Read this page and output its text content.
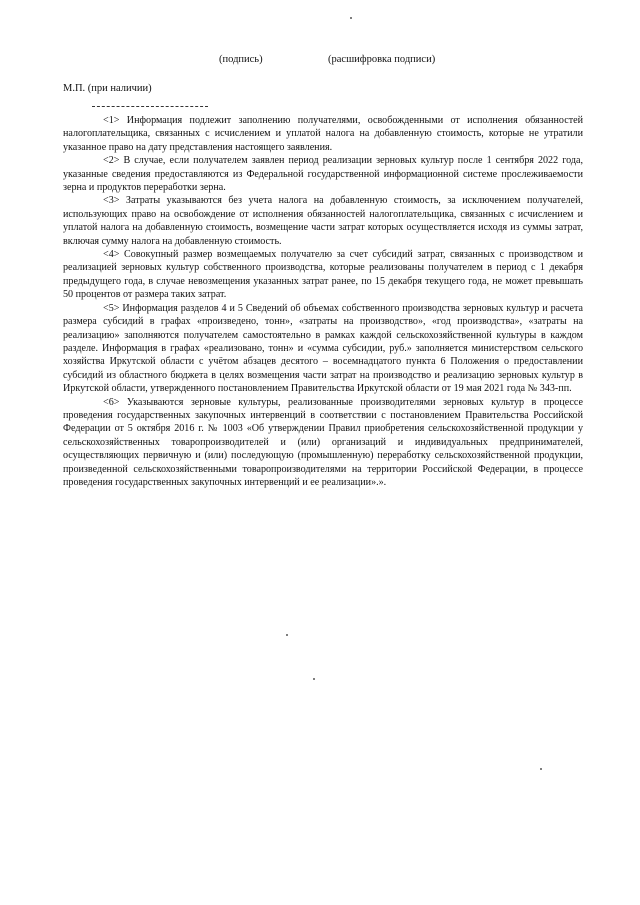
(подпись)	(расшифровка подписи)
М.П. (при наличии)

<1> Информация подлежит заполнению получателями, освобожденными от исполнения обязанностей налогоплательщика, связанных с исчислением и уплатой налога на добавленную стоимость, которые не утратили указанное право на дату представления настоящего заявления.

<2> В случае, если получателем заявлен период реализации зерновых культур после 1 сентября 2022 года, указанные сведения предоставляются из Федеральной государственной информационной системе прослеживаемости зерна и продуктов переработки зерна.

<3> Затраты указываются без учета налога на добавленную стоимость, за исключением получателей, использующих право на освобождение от исполнения обязанностей налогоплательщика, связанных с исчислением и уплатой налога на добавленную стоимость, возмещение части затрат которых осуществляется исходя из суммы затрат, включая сумму налога на добавленную стоимость.

<4> Совокупный размер возмещаемых получателю за счет субсидий затрат, связанных с производством и реализацией зерновых культур собственного производства, которые реализованы получателем в период с 1 декабря предыдущего года, в случае невозмещения указанных затрат ранее, по 15 декабря текущего года, не может превышать 50 процентов от размера таких затрат.

<5> Информация разделов 4 и 5 Сведений об объемах собственного производства зерновых культур и расчета размера субсидий в графах «произведено, тонн», «затраты на производство», «год производства», «затраты на реализацию» заполняются получателем самостоятельно в рамках каждой сельскохозяйственной культуры в каждом разделе. Информация в графах «реализовано, тонн» и «сумма субсидии, руб.» заполняется министерством сельского хозяйства Иркутской области с учётом абзацев десятого – восемнадцатого пункта 6 Положения о предоставлении субсидий из областного бюджета в целях возмещения части затрат на производство и реализацию зерновых культур в Иркутской области, утвержденного постановлением Правительства Иркутской области от 19 мая 2021 года № 343-пп.

<6> Указываются зерновые культуры, реализованные производителями зерновых культур в процессе проведения государственных закупочных интервенций в соответствии с постановлением Правительства Российской Федерации от 5 октября 2016 г. № 1003 «Об утверждении Правил приобретения сельскохозяйственной продукции у сельскохозяйственных товаропроизводителей и (или) организаций и индивидуальных предпринимателей, осуществляющих первичную и (или) последующую (промышленную) переработку сельскохозяйственной продукции, произведенной сельскохозяйственными товаропроизводителями на территории Российской Федерации, в процессе проведения государственных закупочных интервенций и ее реализации».».
